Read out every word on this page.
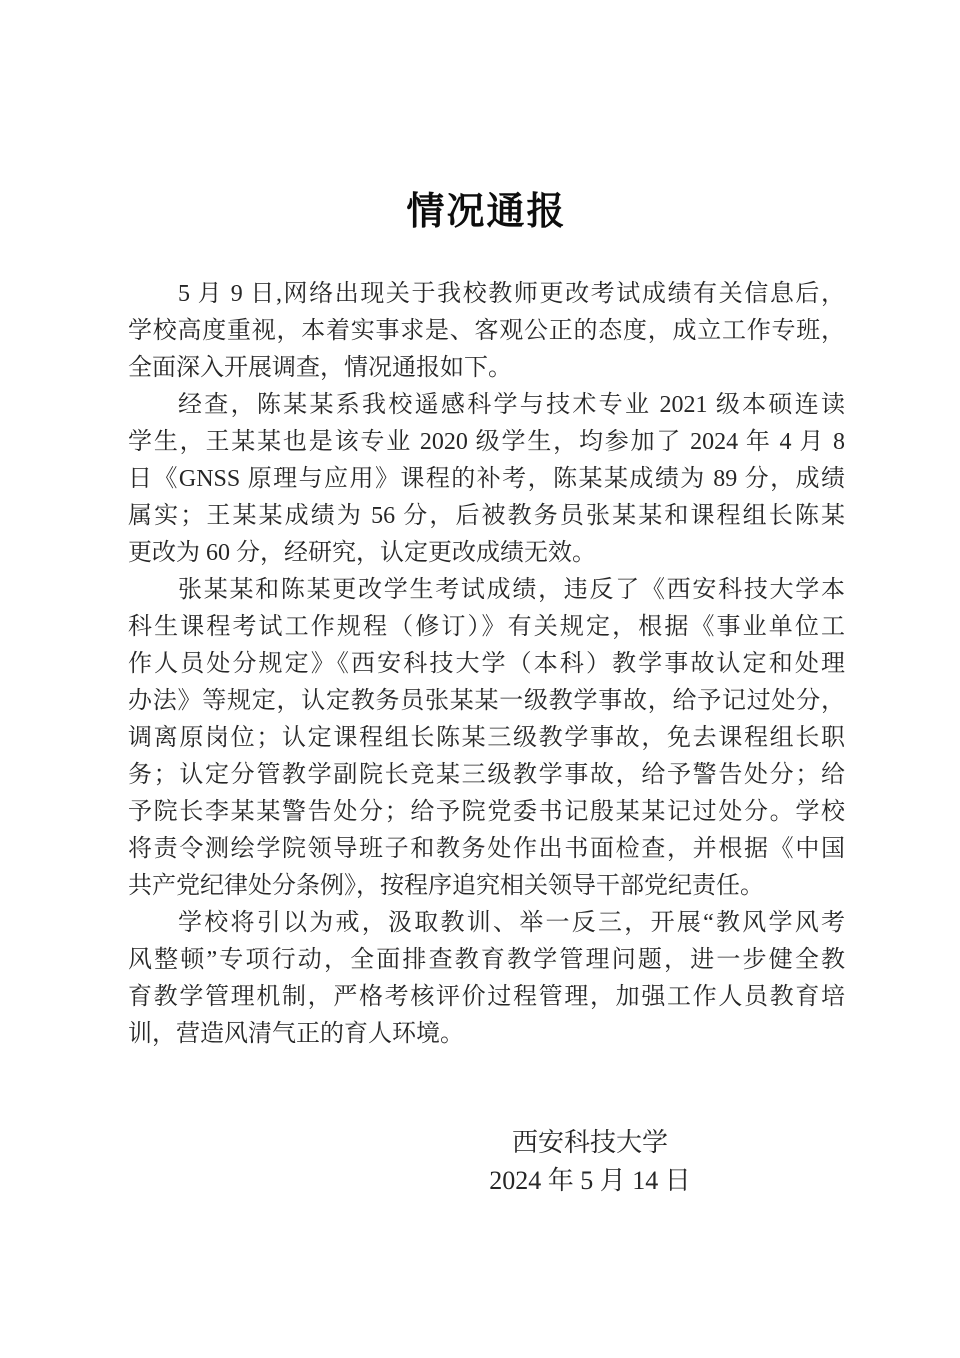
情况通报
5 月 9 日,网络出现关于我校教师更改考试成绩有关信息后，
学校高度重视，本着实事求是、客观公正的态度，成立工作专班，
全面深入开展调查，情况通报如下。
经查，陈某某系我校遥感科学与技术专业 2021 级本硕连读
学生，王某某也是该专业 2020 级学生，均参加了 2024 年 4 月 8
日《GNSS 原理与应用》课程的补考，陈某某成绩为 89 分，成绩
属实；王某某成绩为 56 分，后被教务员张某某和课程组长陈某
更改为 60 分，经研究，认定更改成绩无效。
张某某和陈某更改学生考试成绩，违反了《西安科技大学本
科生课程考试工作规程（修订）》有关规定，根据《事业单位工
作人员处分规定》《西安科技大学（本科）教学事故认定和处理
办法》等规定，认定教务员张某某一级教学事故，给予记过处分，
调离原岗位；认定课程组长陈某三级教学事故，免去课程组长职
务；认定分管教学副院长竞某三级教学事故，给予警告处分；给
予院长李某某警告处分；给予院党委书记殷某某记过处分。学校
将责令测绘学院领导班子和教务处作出书面检查，并根据《中国
共产党纪律处分条例》，按程序追究相关领导干部党纪责任。
学校将引以为戒，汲取教训、举一反三，开展“教风学风考
风整顿”专项行动，全面排查教育教学管理问题，进一步健全教
育教学管理机制，严格考核评价过程管理，加强工作人员教育培
训，营造风清气正的育人环境。
西安科技大学
2024 年 5 月 14 日
